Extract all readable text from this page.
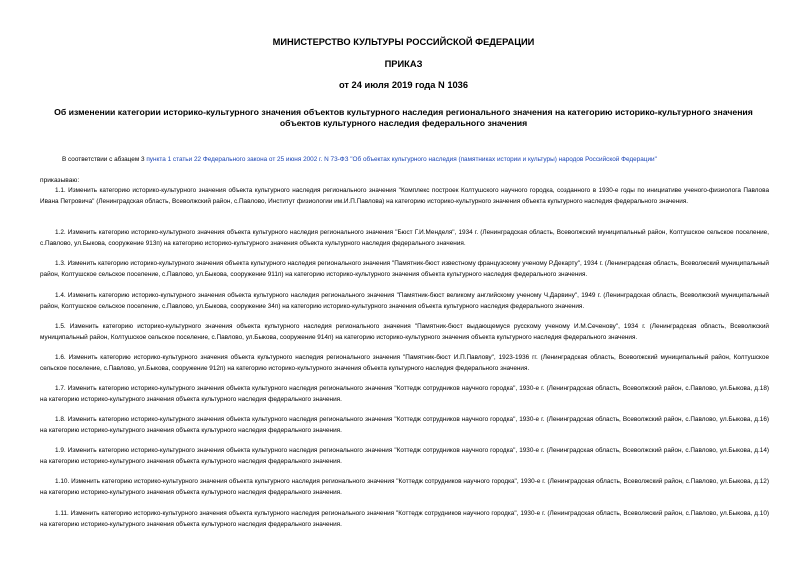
МИНИСТЕРСТВО КУЛЬТУРЫ РОССИЙСКОЙ ФЕДЕРАЦИИ
ПРИКАЗ
от 24 июля 2019 года N 1036
Об изменении категории историко-культурного значения объектов культурного наследия регионального значения на категорию историко-культурного значения
объектов культурного наследия федерального значения
В соответствии с абзацем 3 пункта 1 статьи 22 Федерального закона от 25 июня 2002 г. N 73-ФЗ "Об объектах культурного наследия (памятниках истории и культуры) народов Российской Федерации"
приказываю:

1.1. Изменить категорию историко-культурного значения объекта культурного наследия регионального значения "Комплекс построек Колтушского научного городка, созданного в 1930-е годы по инициативе ученого-физиолога Павлова Ивана Петровича" (Ленинградская область, Всеволжский район, с.Павлово, Институт физиологии им.И.П.Павлова) на категорию историко-культурного значения объекта культурного наследия федерального значения.

1.2. Изменить категорию историко-культурного значения объекта культурного наследия регионального значения "Бюст Г.И.Менделя", 1934 г. (Ленинградская область, Всеволжский муниципальный район, Колтушское сельское поселение, с.Павлово, ул.Быкова, сооружение 913п) на категорию историко-культурного значения объекта культурного наследия федерального значения.

1.3. Изменить категорию историко-культурного значения объекта культурного наследия регионального значения "Памятник-бюст известному французскому ученому Р.Декарту", 1934 г. (Ленинградская область, Всеволжский муниципальный район, Колтушское сельское поселение, с.Павлово, ул.Быкова, сооружение 911п) на категорию историко-культурного значения объекта культурного наследия федерального значения.

1.4. Изменить категорию историко-культурного значения объекта культурного наследия регионального значения "Памятник-бюст великому английскому ученому Ч.Дарвину", 1949 г. (Ленинградская область, Всеволжский муниципальный район, Колтушское сельское поселение, с.Павлово, ул.Быкова, сооружение 34п) на категорию историко-культурного значения объекта культурного наследия федерального значения.

1.5. Изменить категорию историко-культурного значения объекта культурного наследия регионального значения "Памятник-бюст выдающемуся русскому ученому И.М.Сеченову", 1934 г. (Ленинградская область, Всеволжский муниципальный район, Колтушское сельское поселение, с.Павлово, ул.Быкова, сооружение 914п) на категорию историко-культурного значения объекта культурного наследия федерального значения.

1.6. Изменить категорию историко-культурного значения объекта культурного наследия регионального значения "Памятник-бюст И.П.Павлову", 1923-1936 гг. (Ленинградская область, Всеволжский муниципальный район, Колтушское сельское поселение, с.Павлово, ул.Быкова, сооружение 912п) на категорию историко-культурного значения объекта культурного наследия федерального значения.

1.7. Изменить категорию историко-культурного значения объекта культурного наследия регионального значения "Коттедж сотрудников научного городка", 1930-е г. (Ленинградская область, Всеволжский район, с.Павлово, ул.Быкова, д.18) на категорию историко-культурного значения объекта культурного наследия федерального значения.

1.8. Изменить категорию историко-культурного значения объекта культурного наследия регионального значения "Коттедж сотрудников научного городка", 1930-е г. (Ленинградская область, Всеволжский район, с.Павлово, ул.Быкова, д.16) на категорию историко-культурного значения объекта культурного наследия федерального значения.

1.9. Изменить категорию историко-культурного значения объекта культурного наследия регионального значения "Коттедж сотрудников научного городка", 1930-е г. (Ленинградская область, Всеволжский район, с.Павлово, ул.Быкова, д.14) на категорию историко-культурного значения объекта культурного наследия федерального значения.

1.10. Изменить категорию историко-культурного значения объекта культурного наследия регионального значения "Коттедж сотрудников научного городка", 1930-е г. (Ленинградская область, Всеволжский район, с.Павлово, ул.Быкова, д.12) на категорию историко-культурного значения объекта культурного наследия федерального значения.

1.11. Изменить категорию историко-культурного значения объекта культурного наследия регионального значения "Коттедж сотрудников научного городка", 1930-е г. (Ленинградская область, Всеволжский район, с.Павлово, ул.Быкова, д.10) на категорию историко-культурного значения объекта культурного наследия федерального значения.
